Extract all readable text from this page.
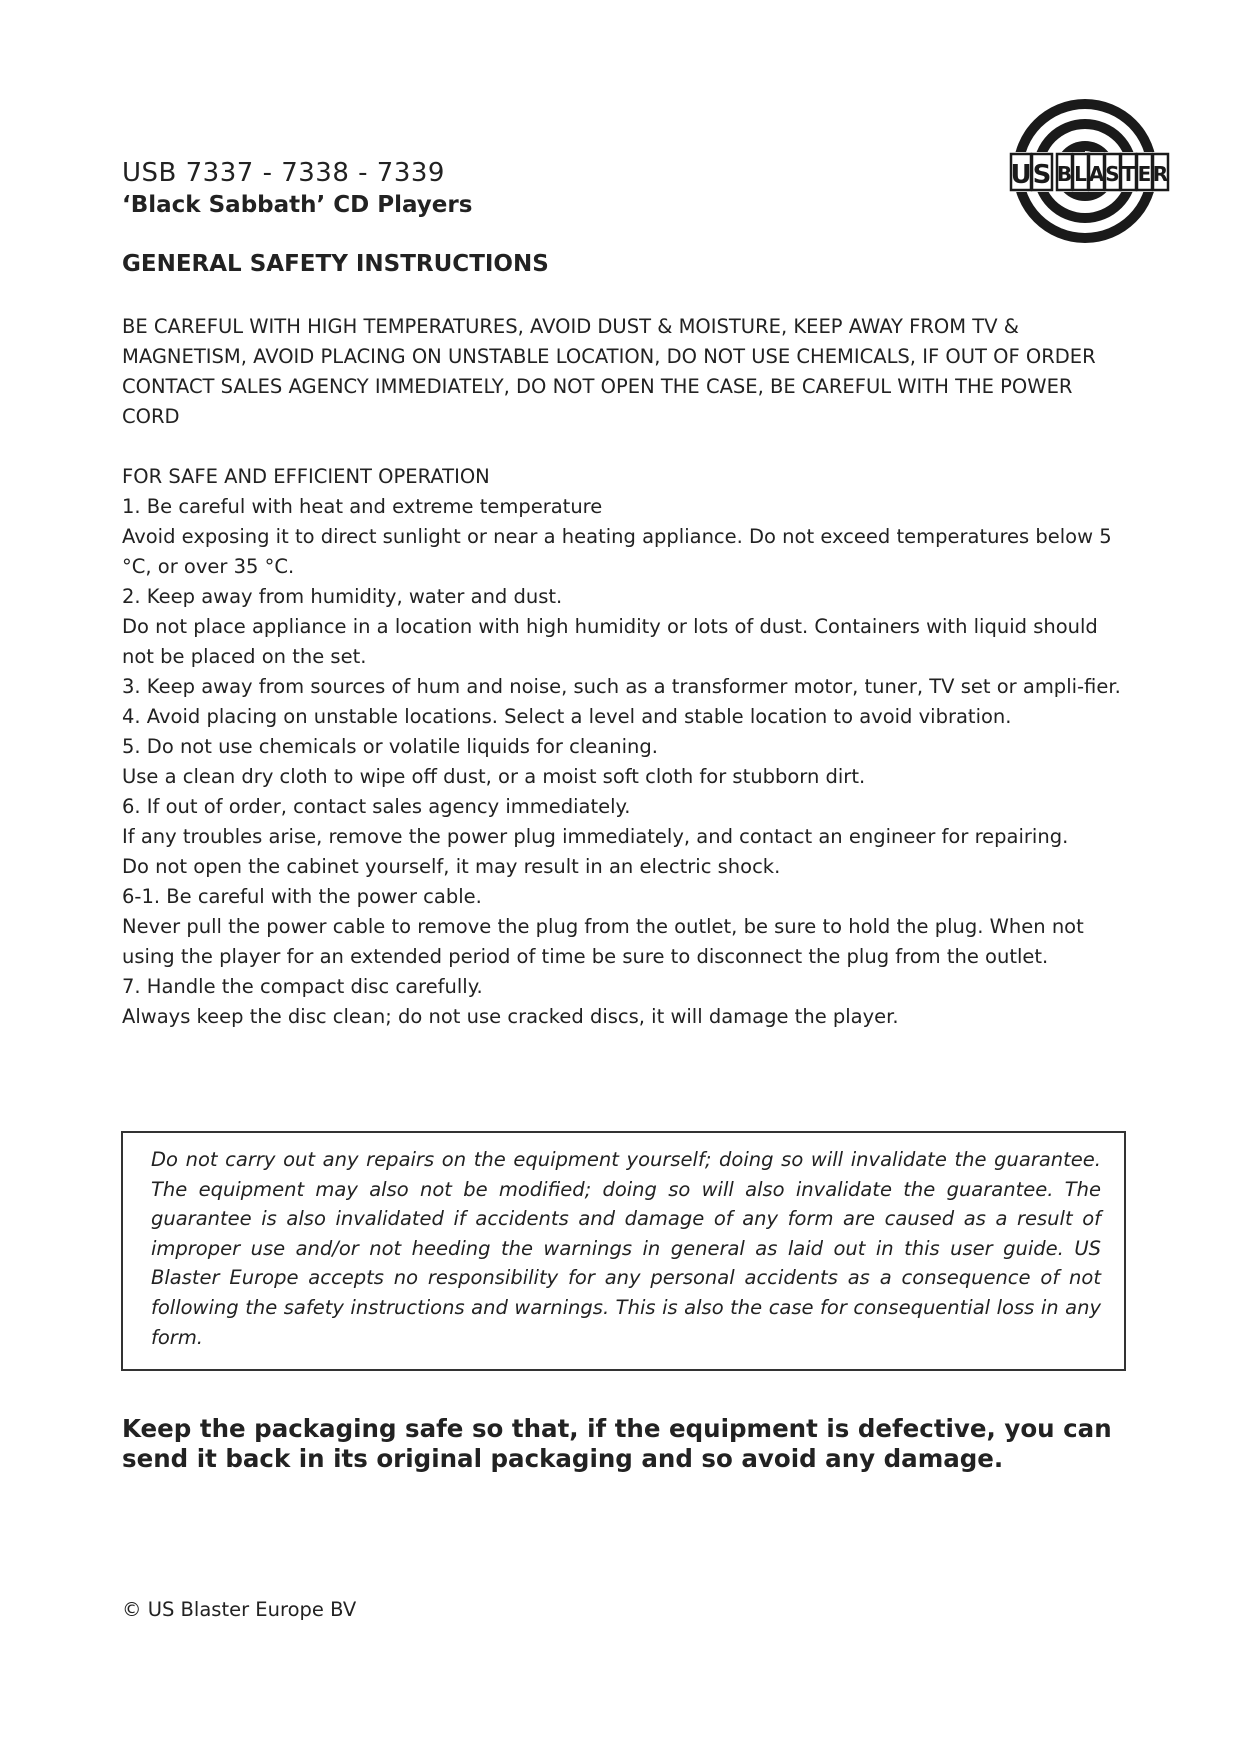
USB 7337 - 7338 - 7339
‘Black Sabbath’ CD Players
U S B L A S T E R
GENERAL SAFETY INSTRUCTIONS
BE CAREFUL WITH HIGH TEMPERATURES, AVOID DUST & MOISTURE, KEEP AWAY FROM TV & MAGNETISM, AVOID PLACING ON UNSTABLE LOCATION, DO NOT USE CHEMICALS, IF OUT OF ORDER CONTACT SALES AGENCY IMMEDIATELY, DO NOT OPEN THE CASE, BE CAREFUL WITH THE POWER CORD

FOR SAFE AND EFFICIENT OPERATION

1. Be careful with heat and extreme temperature

Avoid exposing it to direct sunlight or near a heating appliance. Do not exceed temperatures below 5 °C, or over 35 °C.

2. Keep away from humidity, water and dust.

Do not place appliance in a location with high humidity or lots of dust. Containers with liquid should not be placed on the set.

3. Keep away from sources of hum and noise, such as a transformer motor, tuner, TV set or ampli-fier.

4. Avoid placing on unstable locations. Select a level and stable location to avoid vibration.

5. Do not use chemicals or volatile liquids for cleaning.

Use a clean dry cloth to wipe off dust, or a moist soft cloth for stubborn dirt.

6. If out of order, contact sales agency immediately.

If any troubles arise, remove the power plug immediately, and contact an engineer for repairing.

Do not open the cabinet yourself, it may result in an electric shock.

6-1. Be careful with the power cable.

Never pull the power cable to remove the plug from the outlet, be sure to hold the plug. When not using the player for an extended period of time be sure to disconnect the plug from the outlet.

7. Handle the compact disc carefully.

Always keep the disc clean; do not use cracked discs, it will damage the player.

Do not carry out any repairs on the equipment yourself; doing so will invalidate the guarantee. The equipment may also not be modified; doing so will also invalidate the guarantee. The guarantee is also invalidated if accidents and damage of any form are caused as a result of improper use and/or not heeding the warnings in general as laid out in this user guide. US Blaster Europe accepts no responsibility for any personal accidents as a consequence of not following the safety instructions and warnings. This is also the case for consequential loss in any form.

Keep the packaging safe so that, if the equipment is defective, you can send it back in its original packaging and so avoid any damage.
© US Blaster Europe BV
